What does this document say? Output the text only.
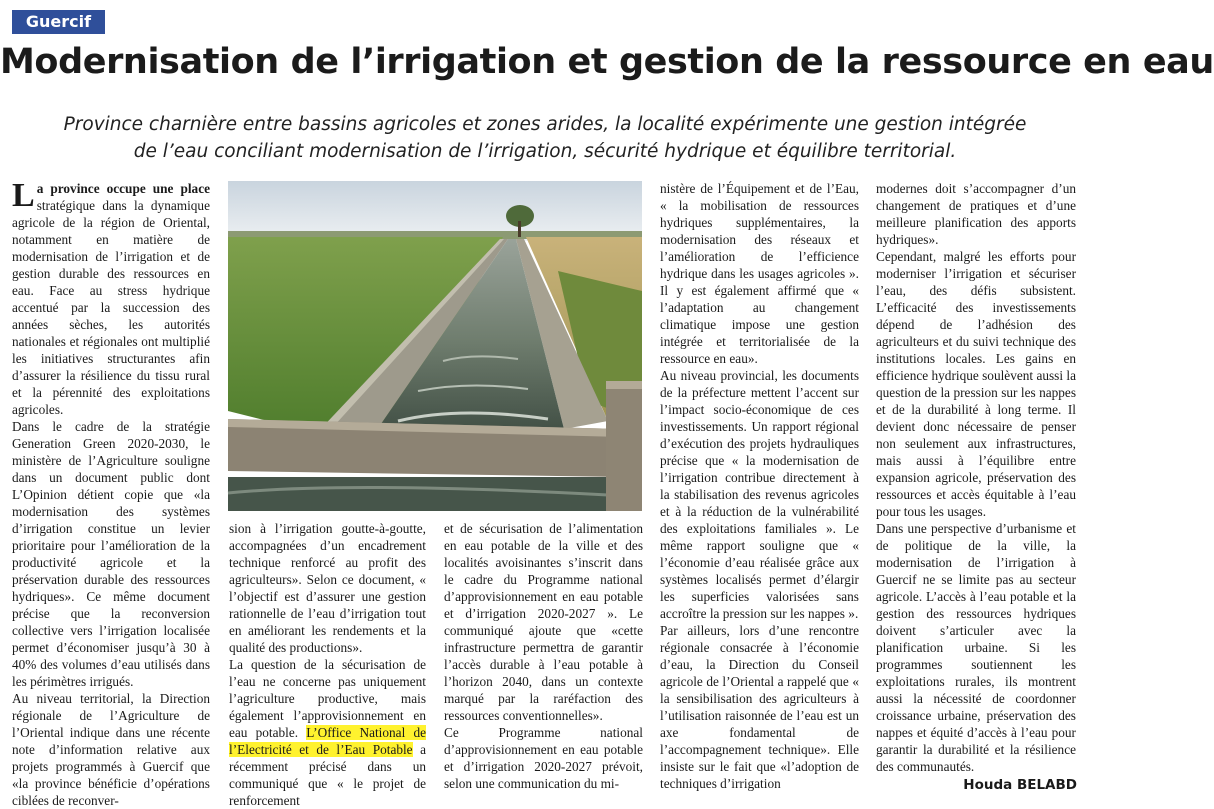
Guercif
Modernisation de l’irrigation et gestion de la ressource en eau
Province charnière entre bassins agricoles et zones arides, la localité expérimente une gestion intégrée
de l’eau conciliant modernisation de l’irrigation, sécurité hydrique et équilibre territorial.

La province occupe une place stratégique dans la dynamique agricole de la région de Oriental, notamment en matière de modernisation de l’irrigation et de gestion durable des ressources en eau. Face au stress hydrique accentué par la succession des années sèches, les autorités nationales et régionales ont multiplié les initiatives structurantes afin d’assurer la résilience du tissu rural et la pérennité des exploitations agricoles.

Dans le cadre de la stratégie Generation Green 2020-2030, le ministère de l’Agriculture souligne dans un document public dont L’Opinion détient copie que «la modernisation des systèmes d’irrigation constitue un levier prioritaire pour l’amélioration de la productivité agricole et la préservation durable des ressources hydriques». Ce même document précise que la reconversion collective vers l’irrigation localisée permet d’économiser jusqu’à 30 à 40% des volumes d’eau utilisés dans les périmètres irrigués.

Au niveau territorial, la Direction régionale de l’Agriculture de l’Oriental indique dans une récente note d’information relative aux projets programmés à Guercif que «la province bénéficie d’opérations ciblées de reconver-

sion à l’irrigation goutte-à-goutte, accompagnées d’un encadrement technique renforcé au profit des agriculteurs». Selon ce document, « l’objectif est d’assurer une gestion rationnelle de l’eau d’irrigation tout en améliorant les rendements et la qualité des productions».

La question de la sécurisation de l’eau ne concerne pas uniquement l’agriculture productive, mais également l’approvisionnement en eau potable. L’Office National de l’Electricité et de l’Eau Potable a récemment précisé dans un communiqué que « le projet de renforcement

et de sécurisation de l’alimentation en eau potable de la ville et des localités avoisinantes s’inscrit dans le cadre du Programme national d’approvisionnement en eau potable et d’irrigation 2020-2027 ». Le communiqué ajoute que «cette infrastructure permettra de garantir l’accès durable à l’eau potable à l’horizon 2040, dans un contexte marqué par la raréfaction des ressources conventionnelles».

Ce Programme national d’approvisionnement en eau potable et d’irrigation 2020-2027 prévoit, selon une communication du mi-

nistère de l’Équipement et de l’Eau, « la mobilisation de ressources hydriques supplémentaires, la modernisation des réseaux et l’amélioration de l’efficience hydrique dans les usages agricoles ». Il y est également affirmé que « l’adaptation au changement climatique impose une gestion intégrée et territorialisée de la ressource en eau».

Au niveau provincial, les documents de la préfecture mettent l’accent sur l’impact socio-économique de ces investissements. Un rapport régional d’exécution des projets hydrauliques précise que « la modernisation de l’irrigation contribue directement à la stabilisation des revenus agricoles et à la réduction de la vulnérabilité des exploitations familiales ». Le même rapport souligne que « l’économie d’eau réalisée grâce aux systèmes localisés permet d’élargir les superficies valorisées sans accroître la pression sur les nappes ».

Par ailleurs, lors d’une rencontre régionale consacrée à l’économie d’eau, la Direction du Conseil agricole de l’Oriental a rappelé que « la sensibilisation des agriculteurs à l’utilisation raisonnée de l’eau est un axe fondamental de l’accompagnement technique». Elle insiste sur le fait que «l’adoption de techniques d’irrigation

modernes doit s’accompagner d’un changement de pratiques et d’une meilleure planification des apports hydriques».

Cependant, malgré les efforts pour moderniser l’irrigation et sécuriser l’eau, des défis subsistent. L’efficacité des investissements dépend de l’adhésion des agriculteurs et du suivi technique des institutions locales. Les gains en efficience hydrique soulèvent aussi la question de la pression sur les nappes et de la durabilité à long terme. Il devient donc nécessaire de penser non seulement aux infrastructures, mais aussi à l’équilibre entre expansion agricole, préservation des ressources et accès équitable à l’eau pour tous les usages.

Dans une perspective d’urbanisme et de politique de la ville, la modernisation de l’irrigation à Guercif ne se limite pas au secteur agricole. L’accès à l’eau potable et la gestion des ressources hydriques doivent s’articuler avec la planification urbaine. Si les programmes soutiennent les exploitations rurales, ils montrent aussi la nécessité de coordonner croissance urbaine, préservation des nappes et équité d’accès à l’eau pour garantir la durabilité et la résilience des communautés.

Houda BELABD
